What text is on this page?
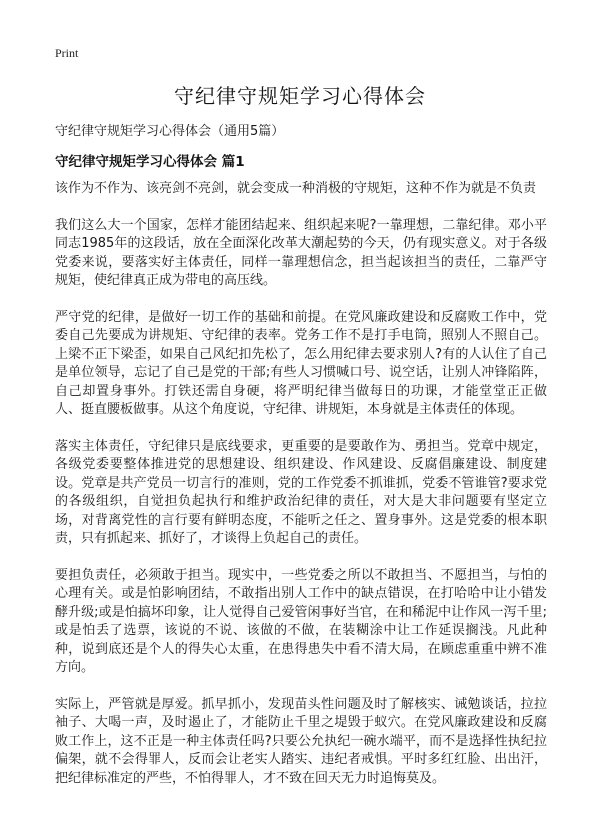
Print
守纪律守规矩学习心得体会

守纪律守规矩学习心得体会（通用5篇）

守纪律守规矩学习心得体会 篇1

该作为不作为、该亮剑不亮剑，就会变成一种消极的守规矩，这种不作为就是不负责

我们这么大一个国家，怎样才能团结起来、组织起来呢?一靠理想，二靠纪律。邓小平同志1985年的这段话，放在全面深化改革大潮起势的今天，仍有现实意义。对于各级党委来说，要落实好主体责任，同样一靠理想信念，担当起该担当的责任，二靠严守规矩，使纪律真正成为带电的高压线。

严守党的纪律，是做好一切工作的基础和前提。在党风廉政建设和反腐败工作中，党委自己先要成为讲规矩、守纪律的表率。党务工作不是打手电筒，照别人不照自己。上梁不正下梁歪，如果自己风纪扣先松了，怎么用纪律去要求别人?有的人认住了自己是单位领导，忘记了自己是党的干部;有些人习惯喊口号、说空话，让别人冲锋陷阵，自己却置身事外。打铁还需自身硬，将严明纪律当做每日的功课，才能堂堂正正做人、挺直腰板做事。从这个角度说，守纪律、讲规矩，本身就是主体责任的体现。

落实主体责任，守纪律只是底线要求，更重要的是要敢作为、勇担当。党章中规定，各级党委要整体推进党的思想建设、组织建设、作风建设、反腐倡廉建设、制度建设。党章是共产党员一切言行的准则，党的工作党委不抓谁抓，党委不管谁管?要求党的各级组织，自觉担负起执行和维护政治纪律的责任，对大是大非问题要有坚定立场，对背离党性的言行要有鲜明态度，不能听之任之、置身事外。这是党委的根本职责，只有抓起来、抓好了，才谈得上负起自己的责任。

要担负责任，必须敢于担当。现实中，一些党委之所以不敢担当、不愿担当，与怕的心理有关。或是怕影响团结，不敢指出别人工作中的缺点错误，在打哈哈中让小错发酵升级;或是怕搞坏印象，让人觉得自己爱管闲事好当官，在和稀泥中让作风一泻千里;或是怕丢了选票，该说的不说、该做的不做，在装糊涂中让工作延误搁浅。凡此种种，说到底还是个人的得失心太重，在患得患失中看不清大局，在顾虑重重中辨不准方向。

实际上，严管就是厚爱。抓早抓小，发现苗头性问题及时了解核实、诫勉谈话，拉拉袖子、大喝一声，及时遏止了，才能防止千里之堤毁于蚁穴。在党风廉政建设和反腐败工作上，这不正是一种主体责任吗?只要公允执纪一碗水端平，而不是选择性执纪拉偏架，就不会得罪人，反而会让老实人踏实、违纪者戒惧。平时多红红脸、出出汗，把纪律标准定的严些，不怕得罪人，才不致在回天无力时追悔莫及。
